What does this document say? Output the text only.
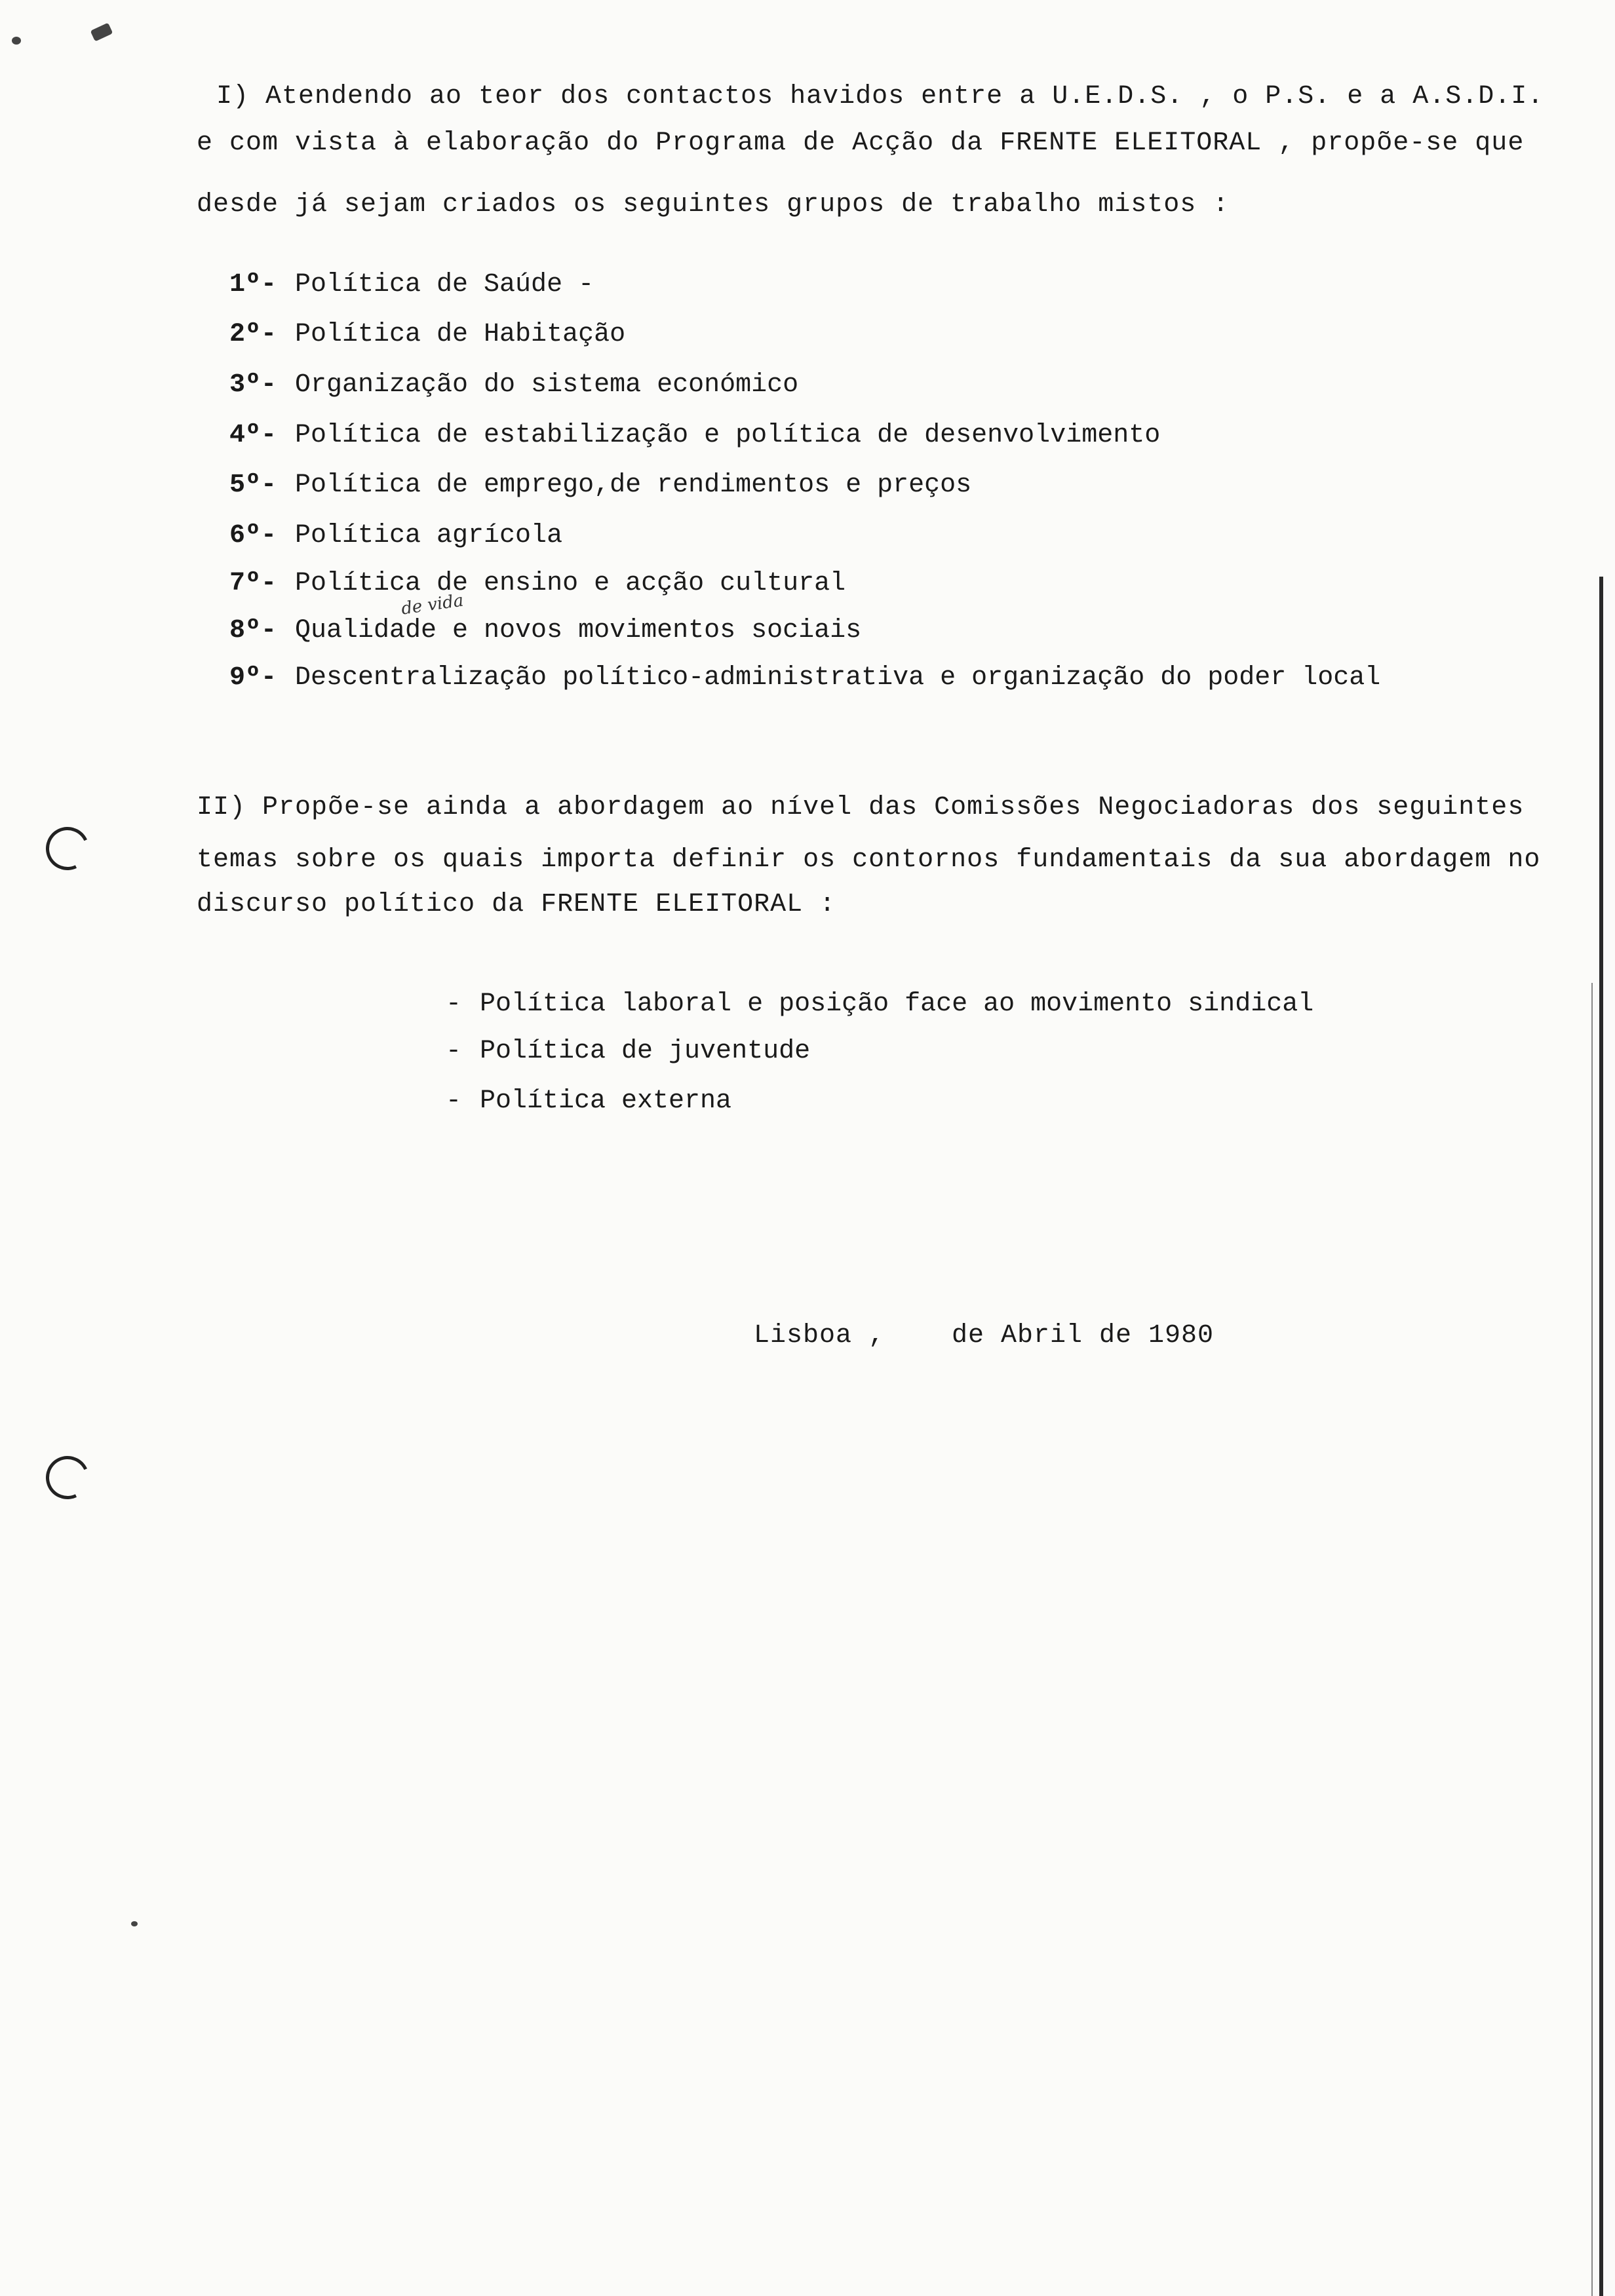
I) Atendendo ao teor dos contactos havidos entre a U.E.D.S. , o P.S. e a A.S.D.I.
e com vista à elaboração do Programa de Acção da FRENTE ELEITORAL , propõe-se que
desde já sejam criados os seguintes grupos de trabalho mistos :
1º- Política de Saúde -
2º- Política de Habitação
3º- Organização do sistema económico
4º- Política de estabilização e política de desenvolvimento
5º- Política de emprego,de rendimentos e preços
6º- Política agrícola
7º- Política de ensino e acção cultural
de vida
8º- Qualidade e novos movimentos sociais
9º- Descentralização político-administrativa e organização do poder local
II) Propõe-se ainda a abordagem ao nível das Comissões Negociadoras dos seguintes
temas sobre os quais importa definir os contornos fundamentais da sua abordagem no
discurso político da FRENTE ELEITORAL :
- Política laboral e posição face ao movimento sindical
- Política de juventude
- Política externa
Lisboa ,	de Abril de 1980
